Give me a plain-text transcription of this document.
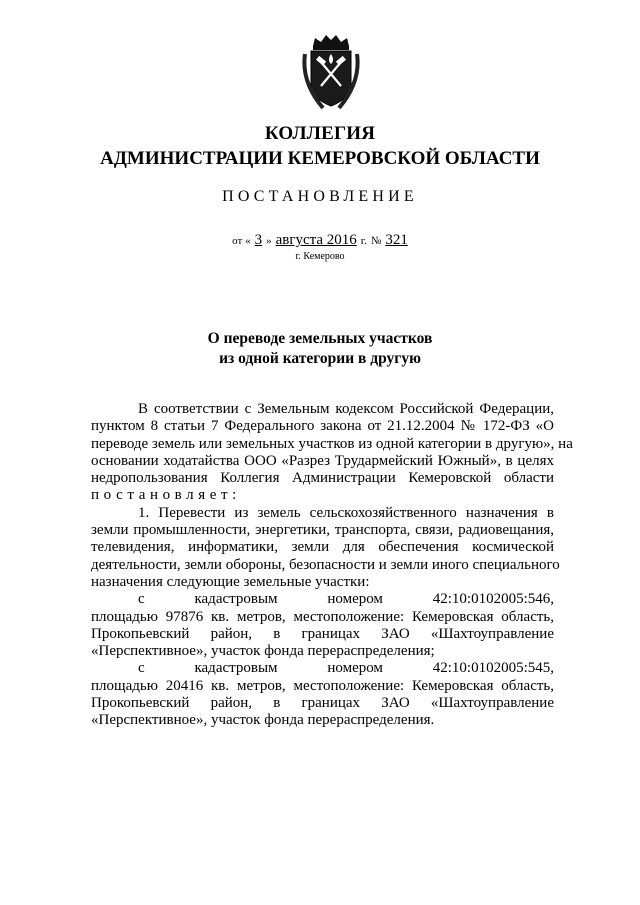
КОЛЛЕГИЯ
АДМИНИСТРАЦИИ КЕМЕРОВСКОЙ ОБЛАСТИ
ПОСТАНОВЛЕНИЕ
от « 3 » августа 2016 г. № 321
г. Кемерово
О переводе земельных участков
из одной категории в другую
В соответствии с Земельным кодексом Российской Федерации,
пунктом 8 статьи 7 Федерального закона от 21.12.2004 № 172-ФЗ «О
переводе земель или земельных участков из одной категории в другую», на
основании ходатайства ООО «Разрез Трудармейский Южный», в целях
недропользования Коллегия Администрации Кемеровской области
постановляет:
1. Перевести из земель сельскохозяйственного назначения в
земли промышленности, энергетики, транспорта, связи, радиовещания,
телевидения, информатики, земли для обеспечения космической
деятельности, земли обороны, безопасности и земли иного специального
назначения следующие земельные участки:
с кадастровым номером 42:10:0102005:546,
площадью 97876 кв. метров, местоположение: Кемеровская область,
Прокопьевский район, в границах ЗАО «Шахтоуправление
«Перспективное», участок фонда перераспределения;
с кадастровым номером 42:10:0102005:545,
площадью 20416 кв. метров, местоположение: Кемеровская область,
Прокопьевский район, в границах ЗАО «Шахтоуправление
«Перспективное», участок фонда перераспределения.
